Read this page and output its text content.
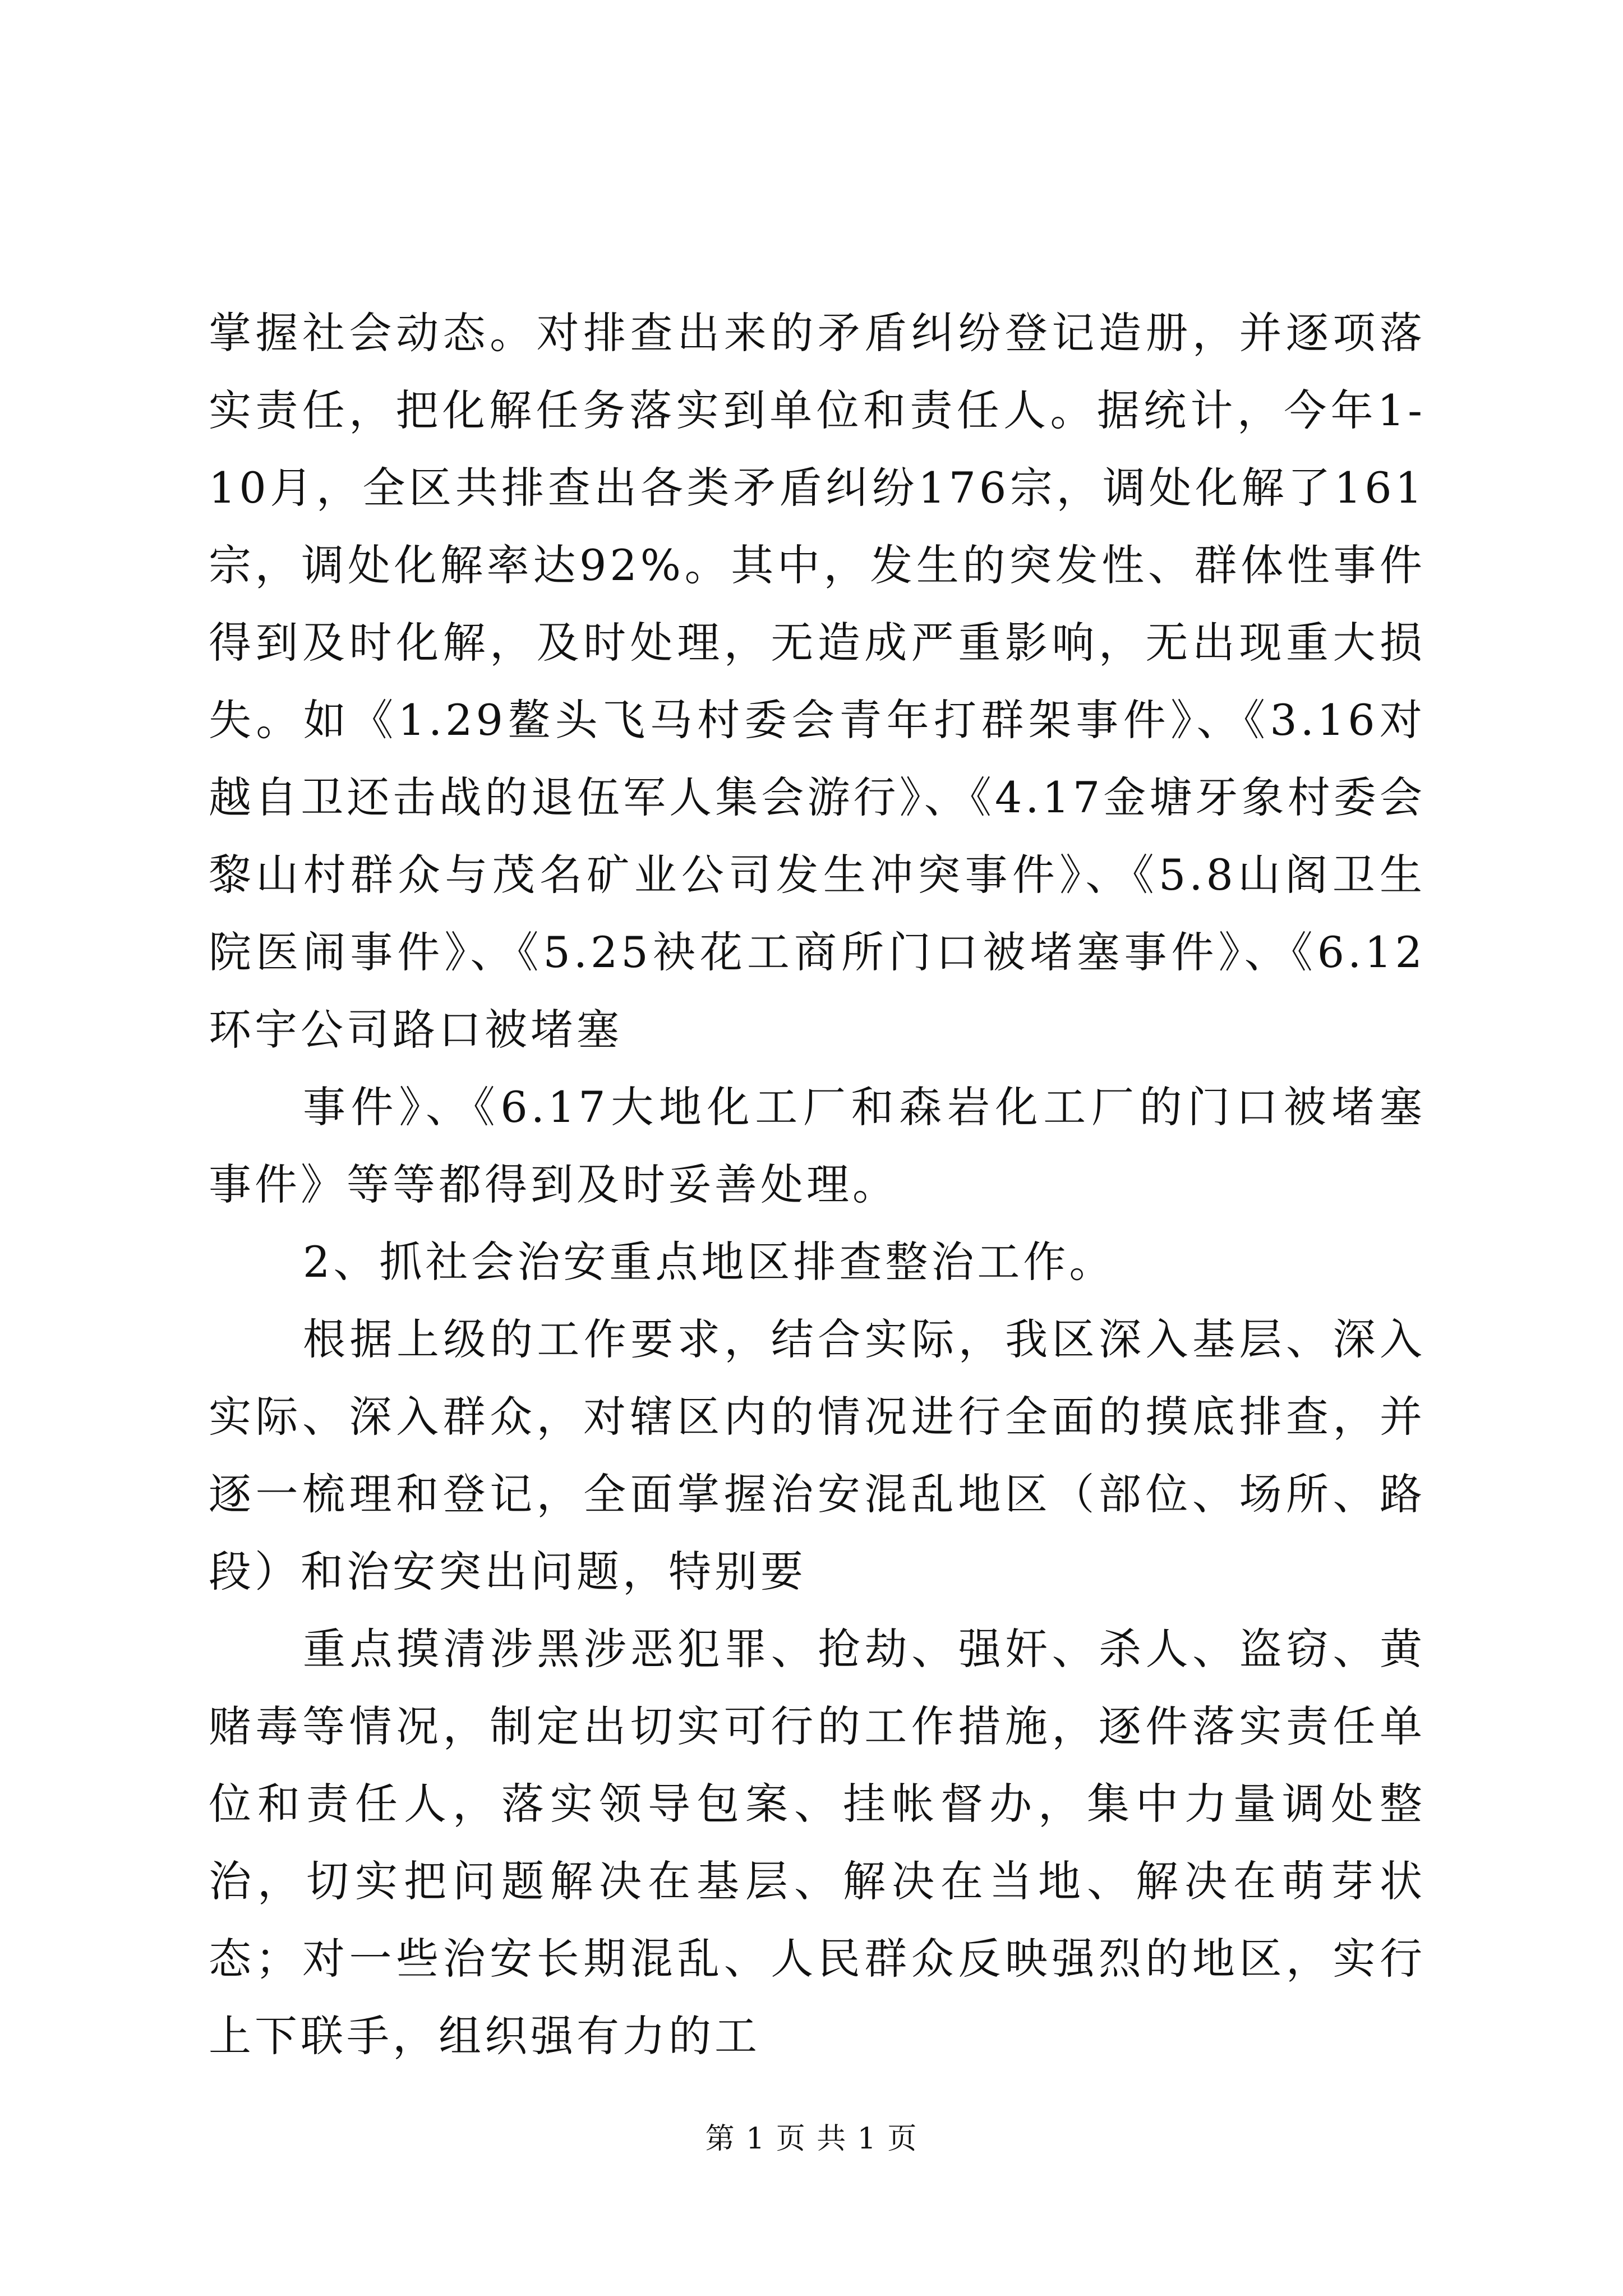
掌握社会动态。对排查出来的矛盾纠纷登记造册，并逐项落实责任，把化解任务落实到单位和责任人。据统计，今年1-10月，全区共排查出各类矛盾纠纷176宗，调处化解了161宗，调处化解率达92%。其中，发生的突发性、群体性事件得到及时化解，及时处理，无造成严重影响，无出现重大损失。如《1.29鳌头飞马村委会青年打群架事件》、《3.16对越自卫还击战的退伍军人集会游行》、《4.17金塘牙象村委会黎山村群众与茂名矿业公司发生冲突事件》、《5.8山阁卫生院医闹事件》、《5.25袂花工商所门口被堵塞事件》、《6.12环宇公司路口被堵塞

事件》、《6.17大地化工厂和森岩化工厂的门口被堵塞事件》等等都得到及时妥善处理。

2、抓社会治安重点地区排查整治工作。

根据上级的工作要求，结合实际，我区深入基层、深入实际、深入群众，对辖区内的情况进行全面的摸底排查，并逐一梳理和登记，全面掌握治安混乱地区（部位、场所、路段）和治安突出问题，特别要

重点摸清涉黑涉恶犯罪、抢劫、强奸、杀人、盗窃、黄赌毒等情况，制定出切实可行的工作措施，逐件落实责任单位和责任人，落实领导包案、挂帐督办，集中力量调处整治，切实把问题解决在基层、解决在当地、解决在萌芽状态；对一些治安长期混乱、人民群众反映强烈的地区，实行上下联手，组织强有力的工

第 1 页 共 1 页
